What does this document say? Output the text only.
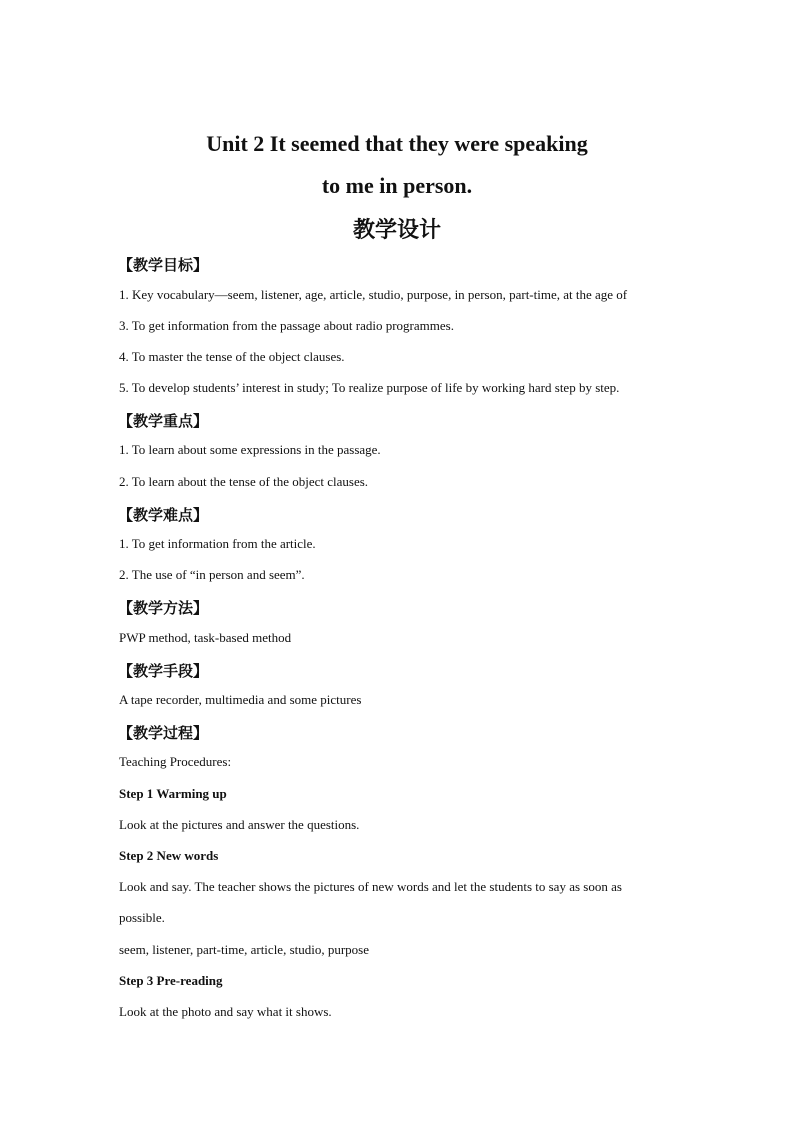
Unit 2 It seemed that they were speaking
to me in person.
教学设计
【教学目标】
1. Key vocabulary—seem, listener, age, article, studio, purpose, in person, part-time, at the age of
3. To get information from the passage about radio programmes.
4. To master the tense of the object clauses.
5. To develop students’ interest in study; To realize purpose of life by working hard step by step.
【教学重点】
1. To learn about some expressions in the passage.
2. To learn about the tense of the object clauses.
【教学难点】
1. To get information from the article.
2. The use of “in person and seem”.
【教学方法】
PWP method, task-based method
【教学手段】
A tape recorder, multimedia and some pictures
【教学过程】
Teaching Procedures:
Step 1 Warming up
Look at the pictures and answer the questions.
Step 2 New words
Look and say. The teacher shows the pictures of new words and let the students to say as soon as
possible.
seem, listener, part-time, article, studio, purpose
Step 3 Pre-reading
Look at the photo and say what it shows.
